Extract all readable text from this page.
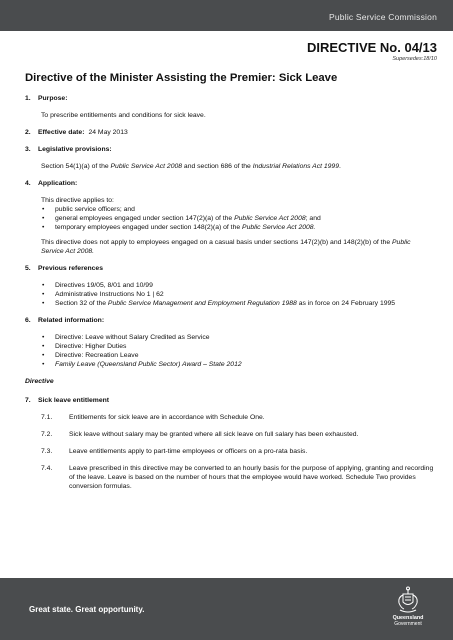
Public Service Commission
DIRECTIVE No. 04/13
Supersedes:18/10
Directive of the Minister Assisting the Premier: Sick Leave
1. Purpose:
To prescribe entitlements and conditions for sick leave.
2. Effective date: 24 May 2013
3. Legislative provisions:
Section 54(1)(a) of the Public Service Act 2008 and section 686 of the Industrial Relations Act 1999.
4. Application:
This directive applies to:
• public service officers; and
• general employees engaged under section 147(2)(a) of the Public Service Act 2008; and
• temporary employees engaged under section 148(2)(a) of the Public Service Act 2008.
This directive does not apply to employees engaged on a casual basis under sections 147(2)(b) and 148(2)(b) of the Public Service Act 2008.
5. Previous references
• Directives 19/05, 8/01 and 10/99
• Administrative Instructions No 1 | 62
• Section 32 of the Public Service Management and Employment Regulation 1988 as in force on 24 February 1995
6. Related information:
• Directive: Leave without Salary Credited as Service
• Directive: Higher Duties
• Directive: Recreation Leave
• Family Leave (Queensland Public Sector) Award – State 2012
Directive
7. Sick leave entitlement
7.1.	Entitlements for sick leave are in accordance with Schedule One.
7.2.	Sick leave without salary may be granted where all sick leave on full salary has been exhausted.
7.3.	Leave entitlements apply to part-time employees or officers on a pro-rata basis.
7.4.	Leave prescribed in this directive may be converted to an hourly basis for the purpose of applying, granting and recording of the leave. Leave is based on the number of hours that the employee would have worked. Schedule Two provides conversion formulas.
Great state. Great opportunity.
Queensland
Government
